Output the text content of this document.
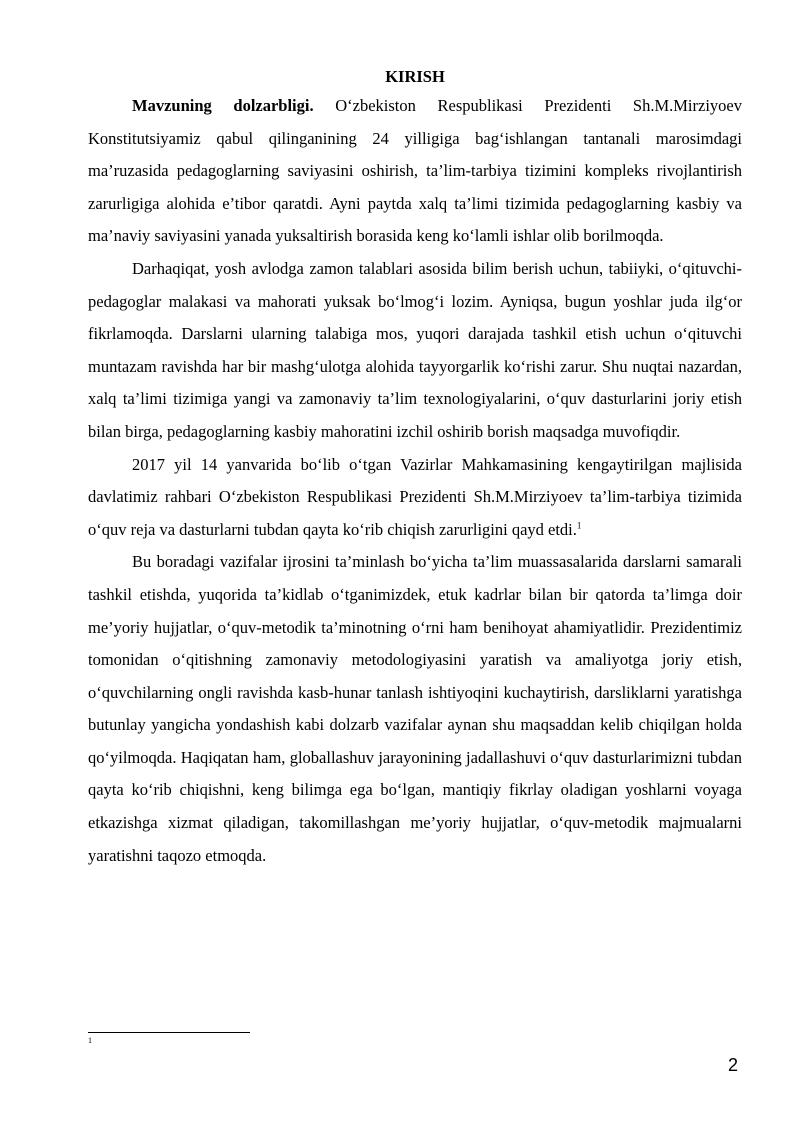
KIRISH

Mavzuning dolzarbligi. O‘zbekiston Respublikasi Prezidenti Sh.M.Mirziyoev Konstitutsiyamiz qabul qilinganining 24 yilligiga bag‘ishlangan tantanali marosimdagi ma’ruzasida pedagoglarning saviyasini oshirish, ta’lim-tarbiya tizimini kompleks rivojlantirish zarurligiga alohida e’tibor qaratdi. Ayni paytda xalq ta’limi tizimida pedagoglarning kasbiy va ma’naviy saviyasini yanada yuksaltirish borasida keng ko‘lamli ishlar olib borilmoqda.

Darhaqiqat, yosh avlodga zamon talablari asosida bilim berish uchun, tabiiyki, o‘qituvchi-pedagoglar malakasi va mahorati yuksak bo‘lmog‘i lozim. Ayniqsa, bugun yoshlar juda ilg‘or fikrlamoqda. Darslarni ularning talabiga mos, yuqori darajada tashkil etish uchun o‘qituvchi muntazam ravishda har bir mashg‘ulotga alohida tayyorgarlik ko‘rishi zarur. Shu nuqtai nazardan, xalq ta’limi tizimiga yangi va zamonaviy ta’lim texnologiyalarini, o‘quv dasturlarini joriy etish bilan birga, pedagoglarning kasbiy mahoratini izchil oshirib borish maqsadga muvofiqdir.

2017 yil 14 yanvarida bo‘lib o‘tgan Vazirlar Mahkamasining kengaytirilgan majlisida davlatimiz rahbari O‘zbekiston Respublikasi Prezidenti Sh.M.Mirziyoev ta’lim-tarbiya tizimida o‘quv reja va dasturlarni tubdan qayta ko‘rib chiqish zarurligini qayd etdi.$^1$

Bu boradagi vazifalar ijrosini ta’minlash bo‘yicha ta’lim muassasalarida darslarni samarali tashkil etishda, yuqorida ta’kidlab o‘tganimizdek, etuk kadrlar bilan bir qatorda ta’limga doir me’yoriy hujjatlar, o‘quv-metodik ta’minotning o‘rni ham benihoyat ahamiyatlidir. Prezidentimiz tomonidan o‘qitishning zamonaviy metodologiyasini yaratish va amaliyotga joriy etish, o‘quvchilarning ongli ravishda kasb-hunar tanlash ishtiyoqini kuchaytirish, darsliklarni yaratishga butunlay yangicha yondashish kabi dolzarb vazifalar aynan shu maqsaddan kelib chiqilgan holda qo‘yilmoqda. Haqiqatan ham, globallashuv jarayonining jadallashuvi o‘quv dasturlarimizni tubdan qayta ko‘rib chiqishni, keng bilimga ega bo‘lgan, mantiqiy fikrlay oladigan yoshlarni voyaga etkazishga xizmat qiladigan, takomillashgan me’yoriy hujjatlar, o‘quv-metodik majmualarni yaratishni taqozo etmoqda.

1
2
